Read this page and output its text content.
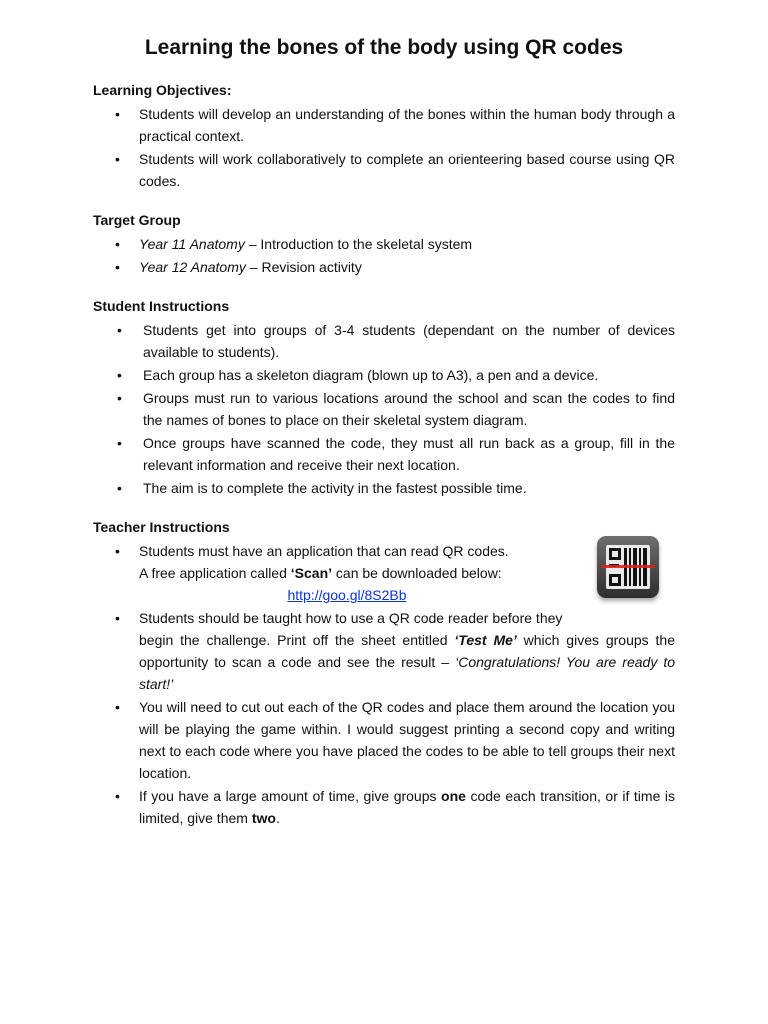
Learning the bones of the body using QR codes
Learning Objectives:
• Students will develop an understanding of the bones within the human body through a practical context.
• Students will work collaboratively to complete an orienteering based course using QR codes.
Target Group
• Year 11 Anatomy – Introduction to the skeletal system
• Year 12 Anatomy – Revision activity
Student Instructions
• Students get into groups of 3-4 students (dependant on the number of devices available to students).
• Each group has a skeleton diagram (blown up to A3), a pen and a device.
• Groups must run to various locations around the school and scan the codes to find the names of bones to place on their skeletal system diagram.
• Once groups have scanned the code, they must all run back as a group, fill in the relevant information and receive their next location.
• The aim is to complete the activity in the fastest possible time.
Teacher Instructions
• Students must have an application that can read QR codes.
A free application called ‘Scan’ can be downloaded below:
http://goo.gl/8S2Bb
• Students should be taught how to use a QR code reader before they
begin the challenge. Print off the sheet entitled ‘Test Me’ which gives groups the opportunity to scan a code and see the result – ‘Congratulations! You are ready to start!’
• You will need to cut out each of the QR codes and place them around the location you will be playing the game within. I would suggest printing a second copy and writing next to each code where you have placed the codes to be able to tell groups their next location.
• If you have a large amount of time, give groups one code each transition, or if time is limited, give them two.
